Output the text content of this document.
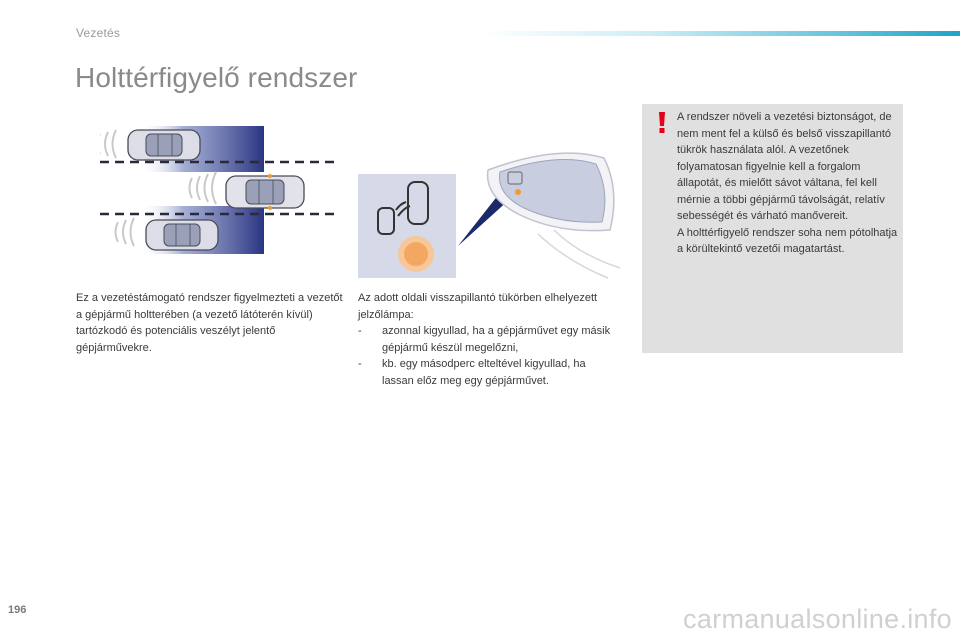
Vezetés
Holttérfigyelő rendszer
Ez a vezetéstámogató rendszer figyelmezteti a vezetőt a gépjármű holtterében (a vezető látóterén kívül) tartózkodó és potenciális veszélyt jelentő gépjárművekre.
Az adott oldali visszapillantó tükörben elhelyezett jelzőlámpa:
-	azonnal kigyullad, ha a gépjárművet egy másik gépjármű készül megelőzni,
-	kb. egy másodperc elteltével kigyullad, ha lassan előz meg egy gépjárművet.
A rendszer növeli a vezetési biztonságot, de nem ment fel a külső és belső visszapillantó tükrök használata alól. A vezetőnek folyamatosan figyelnie kell a forgalom állapotát, és mielőtt sávot váltana, fel kell mérnie a többi gépjármű távolságát, relatív sebességét és várható manővereit.
A holttérfigyelő rendszer soha nem pótolhatja a körültekintő vezetői magatartást.
196	carmanualsonline.info
